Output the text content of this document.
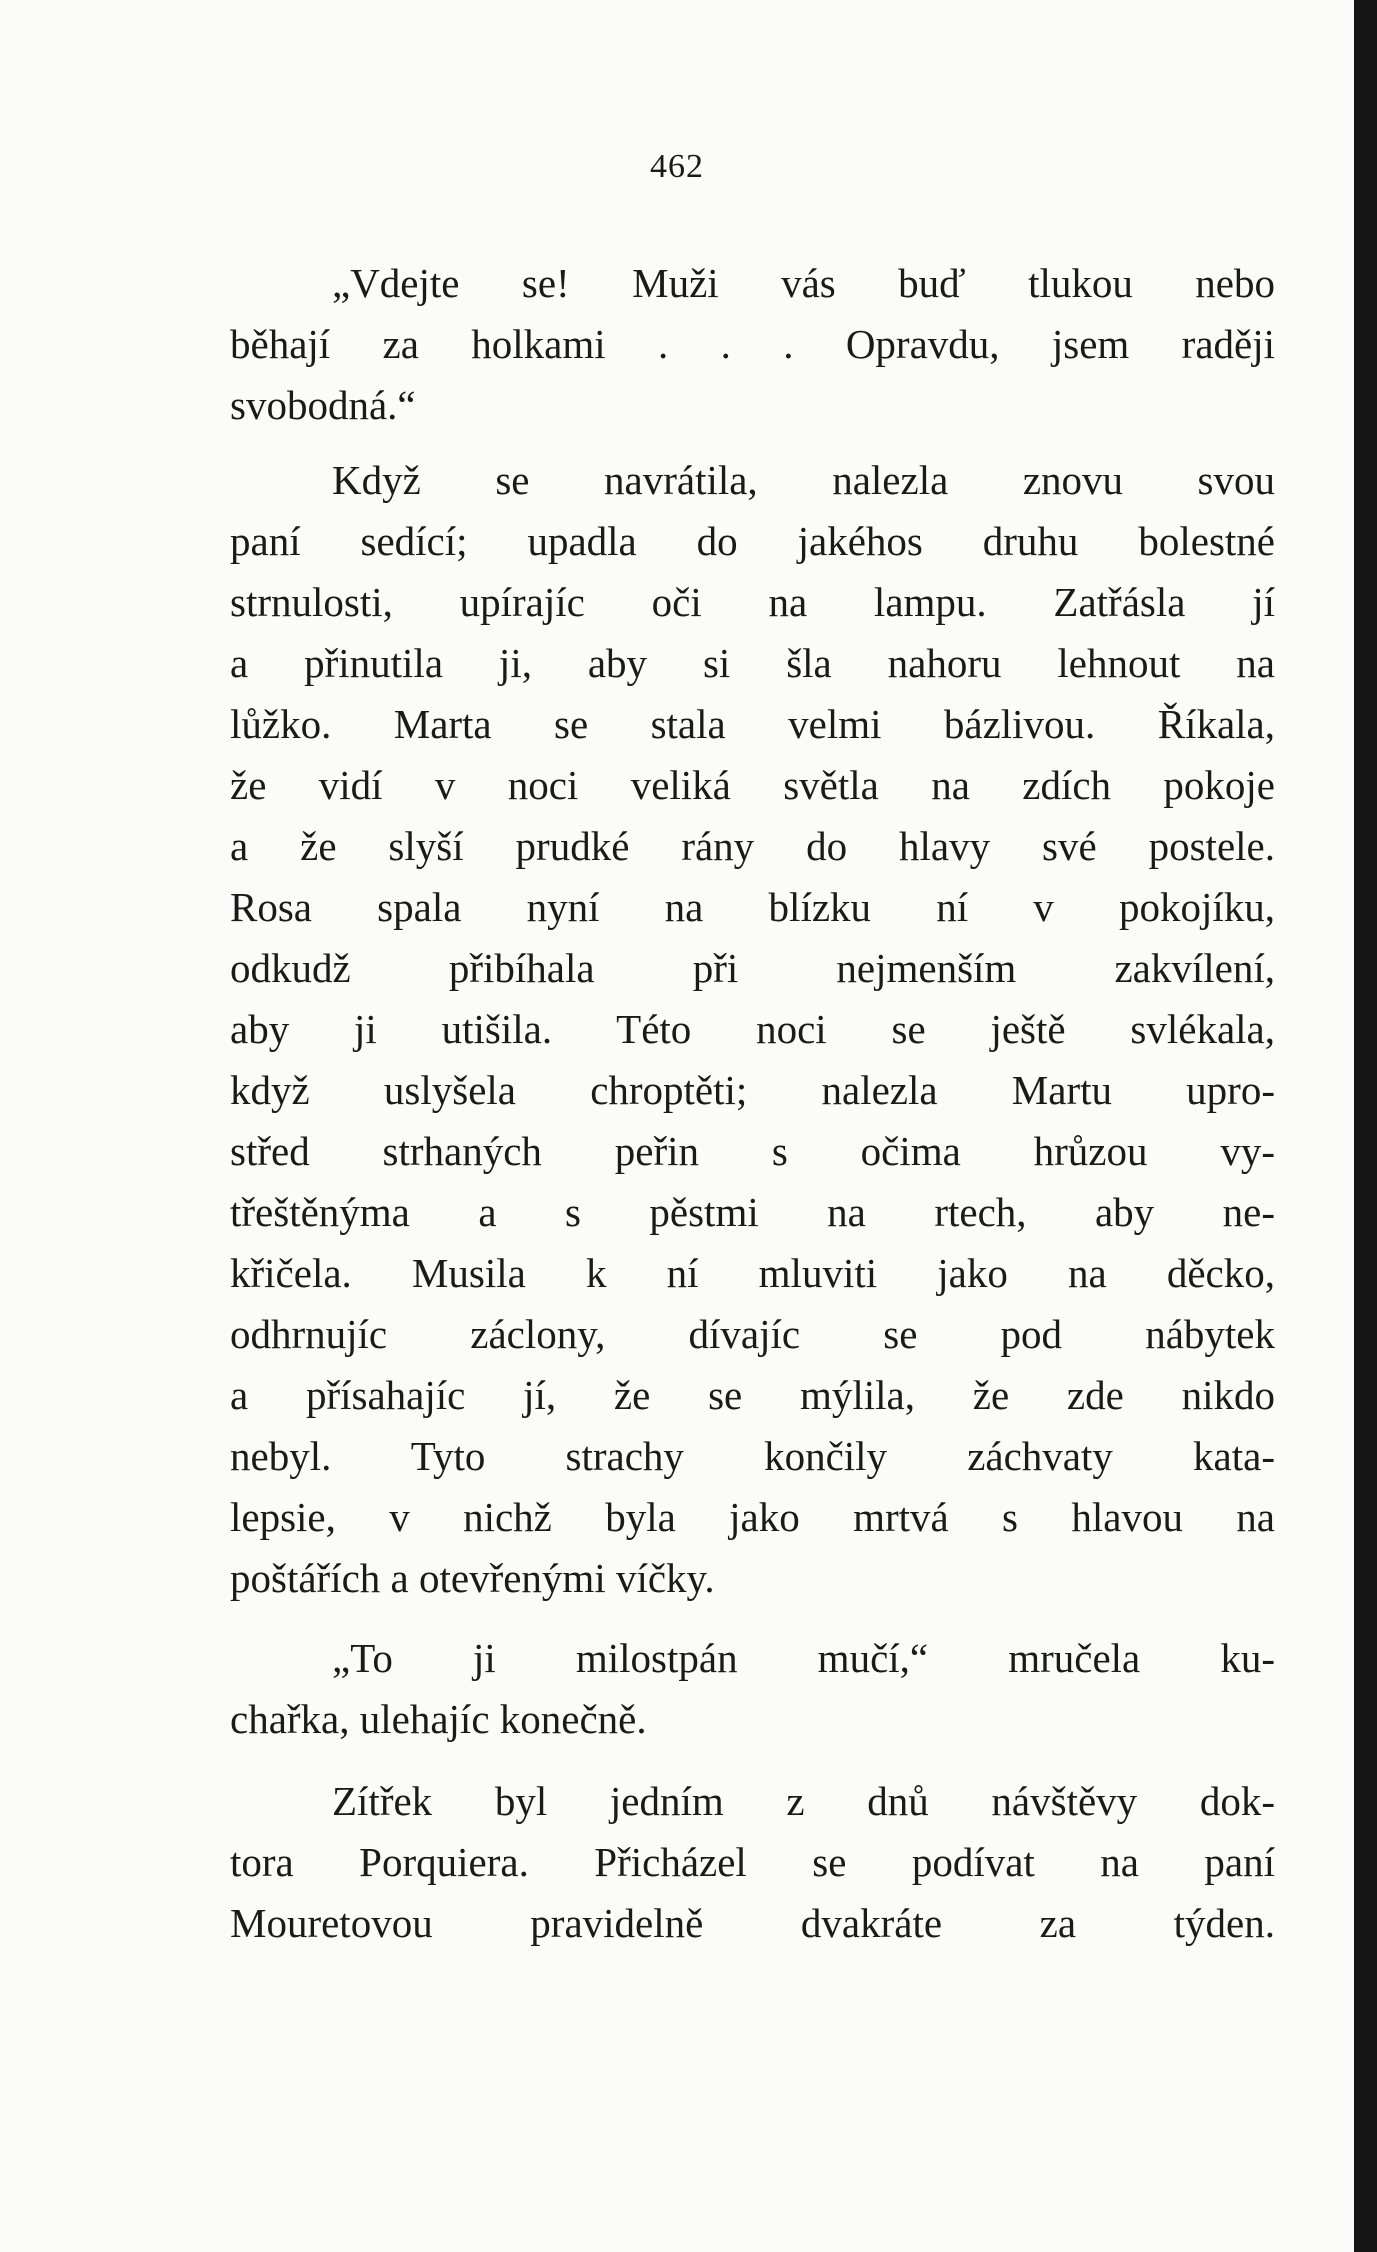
462
„Vdejte se! Muži vás buď tlukou nebo
běhají za holkami . . . Opravdu, jsem raději
svobodná.“
Když se navrátila, nalezla znovu svou
paní sedící; upadla do jakéhos druhu bolestné
strnulosti, upírajíc oči na lampu. Zatřásla jí
a přinutila ji, aby si šla nahoru lehnout na
lůžko. Marta se stala velmi bázlivou. Říkala,
že vidí v noci veliká světla na zdích pokoje
a že slyší prudké rány do hlavy své postele.
Rosa spala nyní na blízku ní v pokojíku,
odkudž přibíhala při nejmenším zakvílení,
aby ji utišila. Této noci se ještě svlékala,
když uslyšela chroptěti; nalezla Martu upro-
střed strhaných peřin s očima hrůzou vy-
třeštěnýma a s pěstmi na rtech, aby ne-
křičela. Musila k ní mluviti jako na děcko,
odhrnujíc záclony, dívajíc se pod nábytek
a přísahajíc jí, že se mýlila, že zde nikdo
nebyl. Tyto strachy končily záchvaty kata-
lepsie, v nichž byla jako mrtvá s hlavou na
poštářích a otevřenými víčky.
„To ji milostpán mučí,“ mručela ku-
chařka, ulehajíc konečně.
Zítřek byl jedním z dnů návštěvy dok-
tora Porquiera. Přicházel se podívat na paní
Mouretovou pravidelně dvakráte za týden.
